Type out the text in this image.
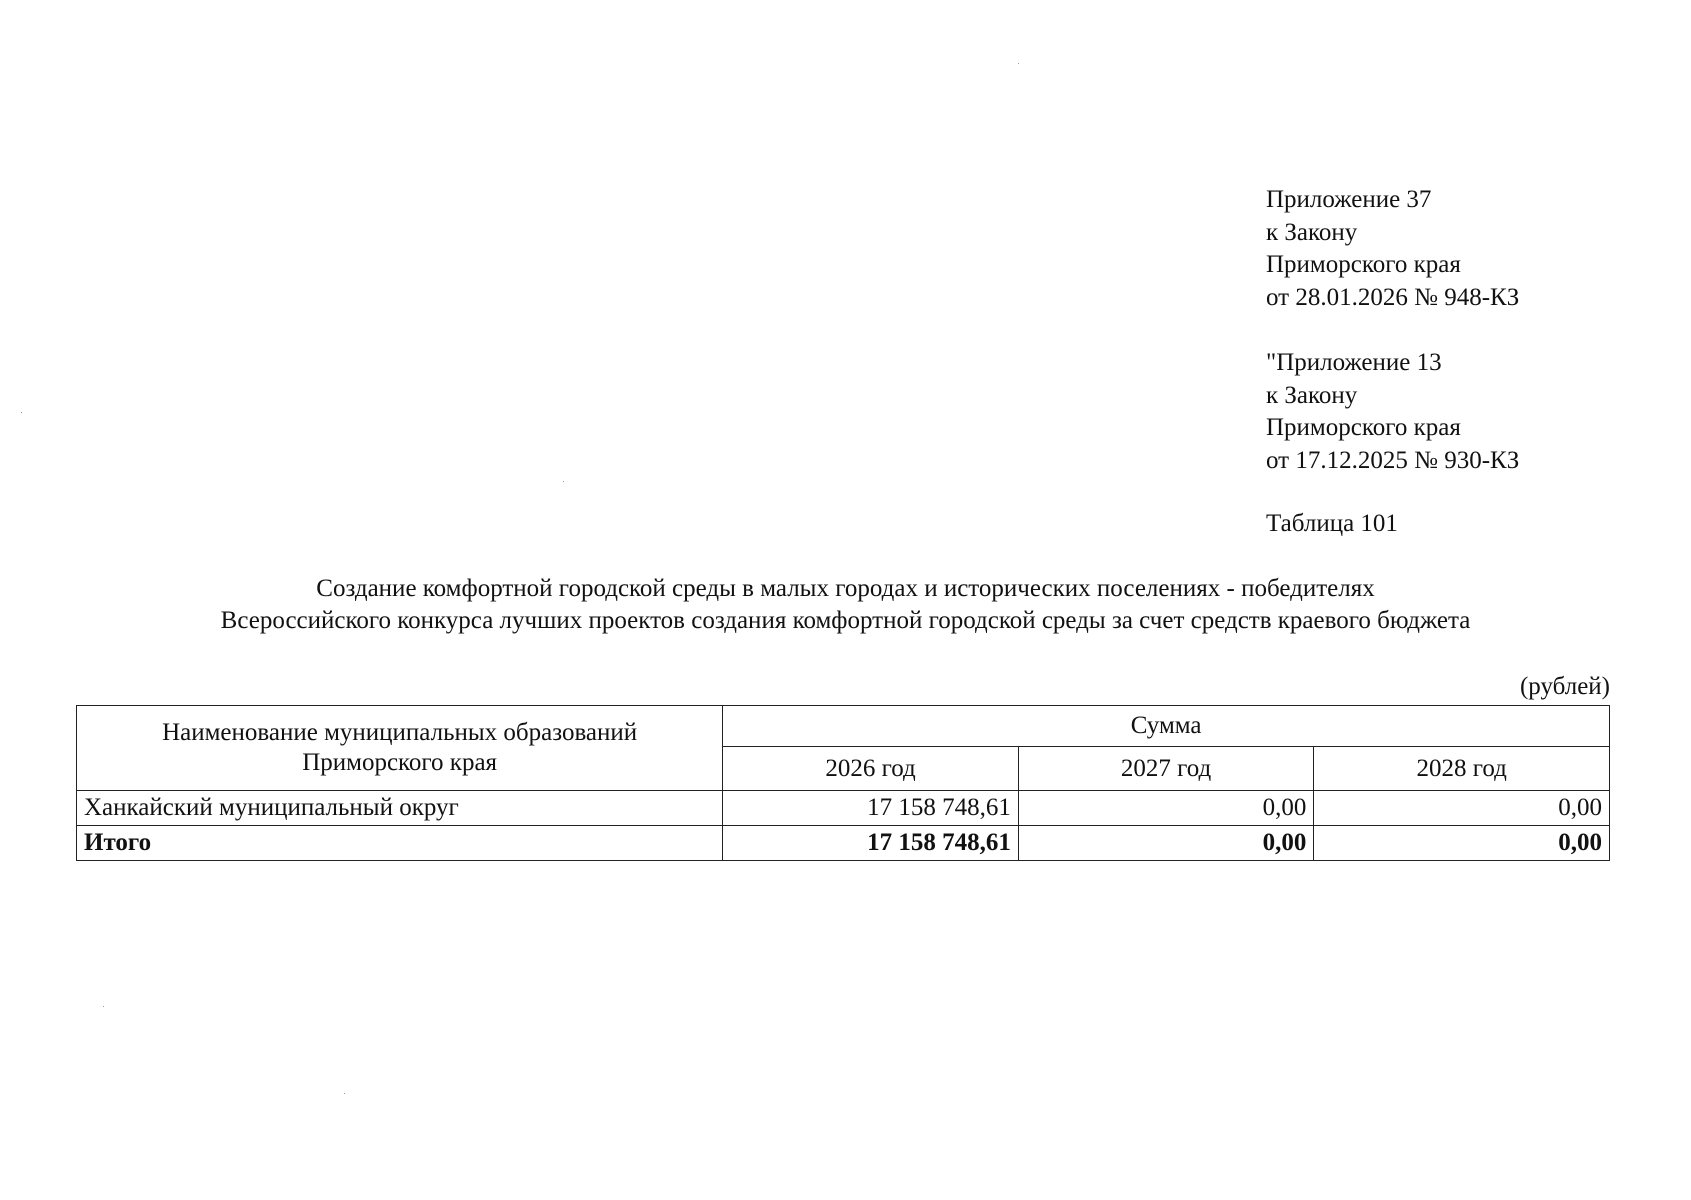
Приложение 37
к Закону
Приморского края
от 28.01.2026 № 948-КЗ
"Приложение 13
к Закону
Приморского края
от 17.12.2025 № 930-КЗ
Таблица 101
Создание комфортной городской среды в малых городах и исторических поселениях - победителях
Всероссийского конкурса лучших проектов создания комфортной городской среды за счет средств краевого бюджета
(рублей)
Наименование муниципальных образований
Приморского края	Сумма		
	2026 год	2027 год	2028 год
Ханкайский муниципальный округ	17 158 748,61	0,00	0,00
Итого	17 158 748,61	0,00	0,00
